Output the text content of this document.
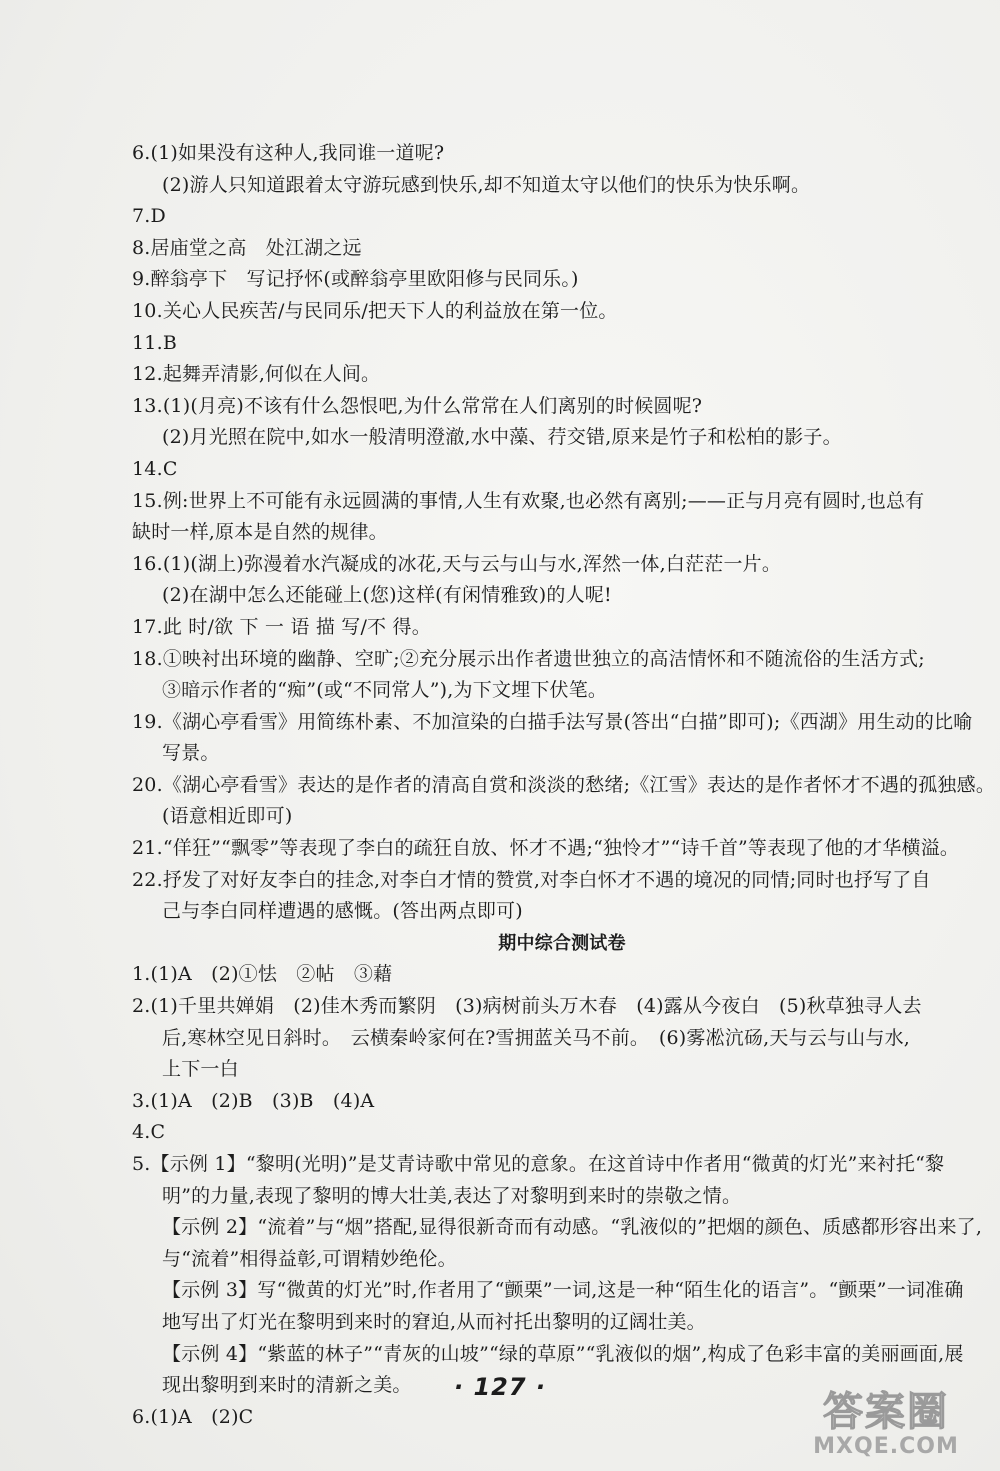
6.(1)如果没有这种人,我同谁一道呢?
(2)游人只知道跟着太守游玩感到快乐,却不知道太守以他们的快乐为快乐啊。
7.D
8.居庙堂之高　处江湖之远
9.醉翁亭下　写记抒怀(或醉翁亭里欧阳修与民同乐。)
10.关心人民疾苦/与民同乐/把天下人的利益放在第一位。
11.B
12.起舞弄清影,何似在人间。
13.(1)(月亮)不该有什么怨恨吧,为什么常常在人们离别的时候圆呢?
(2)月光照在院中,如水一般清明澄澈,水中藻、荇交错,原来是竹子和松柏的影子。
14.C
15.例:世界上不可能有永远圆满的事情,人生有欢聚,也必然有离别;——正与月亮有圆时,也总有
缺时一样,原本是自然的规律。
16.(1)(湖上)弥漫着水汽凝成的冰花,天与云与山与水,浑然一体,白茫茫一片。
(2)在湖中怎么还能碰上(您)这样(有闲情雅致)的人呢!
17.此 时/欲 下 一 语 描 写/不 得。
18.①映衬出环境的幽静、空旷;②充分展示出作者遗世独立的高洁情怀和不随流俗的生活方式;
③暗示作者的“痴”(或“不同常人”),为下文埋下伏笔。
19.《湖心亭看雪》用简练朴素、不加渲染的白描手法写景(答出“白描”即可);《西湖》用生动的比喻
写景。
20.《湖心亭看雪》表达的是作者的清高自赏和淡淡的愁绪;《江雪》表达的是作者怀才不遇的孤独感。
(语意相近即可)
21.“佯狂”“飘零”等表现了李白的疏狂自放、怀才不遇;“独怜才”“诗千首”等表现了他的才华横溢。
22.抒发了对好友李白的挂念,对李白才情的赞赏,对李白怀才不遇的境况的同情;同时也抒写了自
己与李白同样遭遇的感慨。(答出两点即可)
期中综合测试卷
1.(1)A　(2)①怯　②帖　③藉
2.(1)千里共婵娟　(2)佳木秀而繁阴　(3)病树前头万木春　(4)露从今夜白　(5)秋草独寻人去
后,寒林空见日斜时。　云横秦岭家何在?雪拥蓝关马不前。　(6)雾凇沆砀,天与云与山与水,
上下一白
3.(1)A　(2)B　(3)B　(4)A
4.C
5.【示例 1】“黎明(光明)”是艾青诗歌中常见的意象。在这首诗中作者用“微黄的灯光”来衬托“黎
明”的力量,表现了黎明的博大壮美,表达了对黎明到来时的崇敬之情。
【示例 2】“流着”与“烟”搭配,显得很新奇而有动感。“乳液似的”把烟的颜色、质感都形容出来了,
与“流着”相得益彰,可谓精妙绝伦。
【示例 3】写“微黄的灯光”时,作者用了“颤栗”一词,这是一种“陌生化的语言”。“颤栗”一词准确
地写出了灯光在黎明到来时的窘迫,从而衬托出黎明的辽阔壮美。
【示例 4】“紫蓝的林子”“青灰的山坡”“绿的草原”“乳液似的烟”,构成了色彩丰富的美丽画面,展
现出黎明到来时的清新之美。
6.(1)A　(2)C
· 127 ·
答案圈
MXQE.COM
